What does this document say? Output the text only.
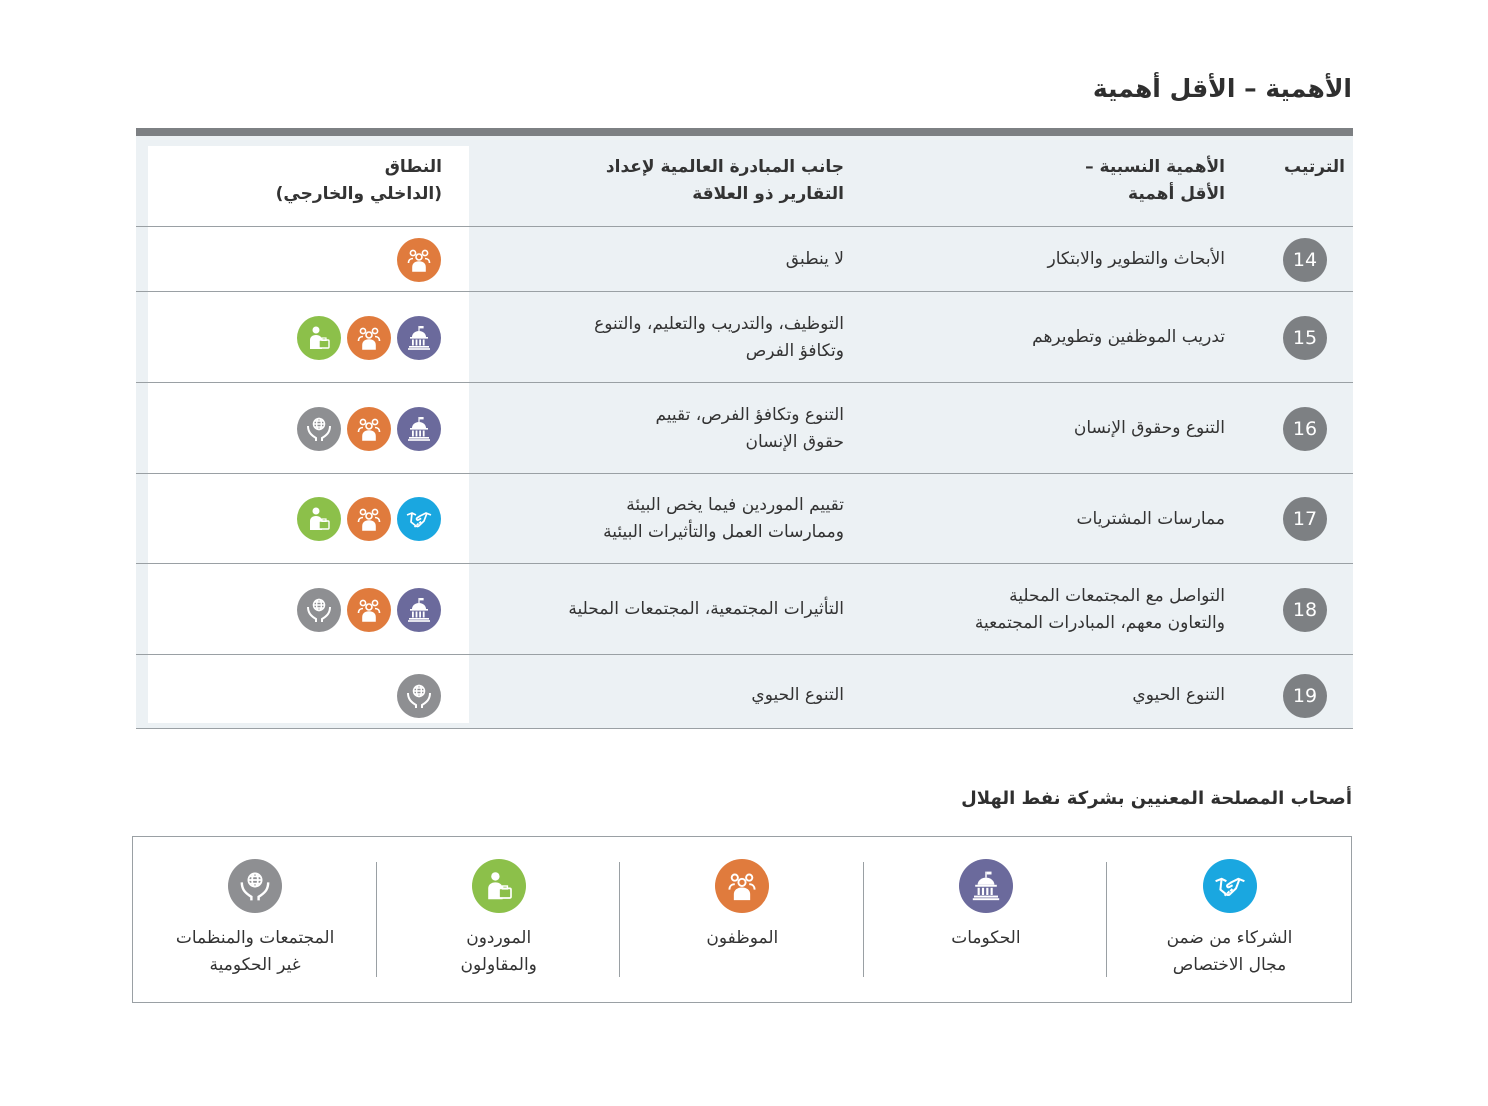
الأهمية – الأقل أهمية
الترتيب
الأهمية النسبية –
الأقل أهمية
جانب المبادرة العالمية لإعداد
التقارير ذو العلاقة
النطاق
(الداخلي والخارجي)
14
الأبحاث والتطوير والابتكار
لا ينطبق
15
تدريب الموظفين وتطويرهم
التوظيف، والتدريب والتعليم، والتنوع
وتكافؤ الفرص
16
التنوع وحقوق الإنسان
التنوع وتكافؤ الفرص، تقييم
حقوق الإنسان
17
ممارسات المشتريات
تقييم الموردين فيما يخص البيئة
وممارسات العمل والتأثيرات البيئية
18
التواصل مع المجتمعات المحلية
والتعاون معهم، المبادرات المجتمعية
التأثيرات المجتمعية، المجتمعات المحلية
19
التنوع الحيوي
التنوع الحيوي
أصحاب المصلحة المعنيين بشركة نفط الهلال
الشركاء من ضمن
مجال الاختصاص
الحكومات
الموظفون
الموردون
والمقاولون
المجتمعات والمنظمات
غير الحكومية
